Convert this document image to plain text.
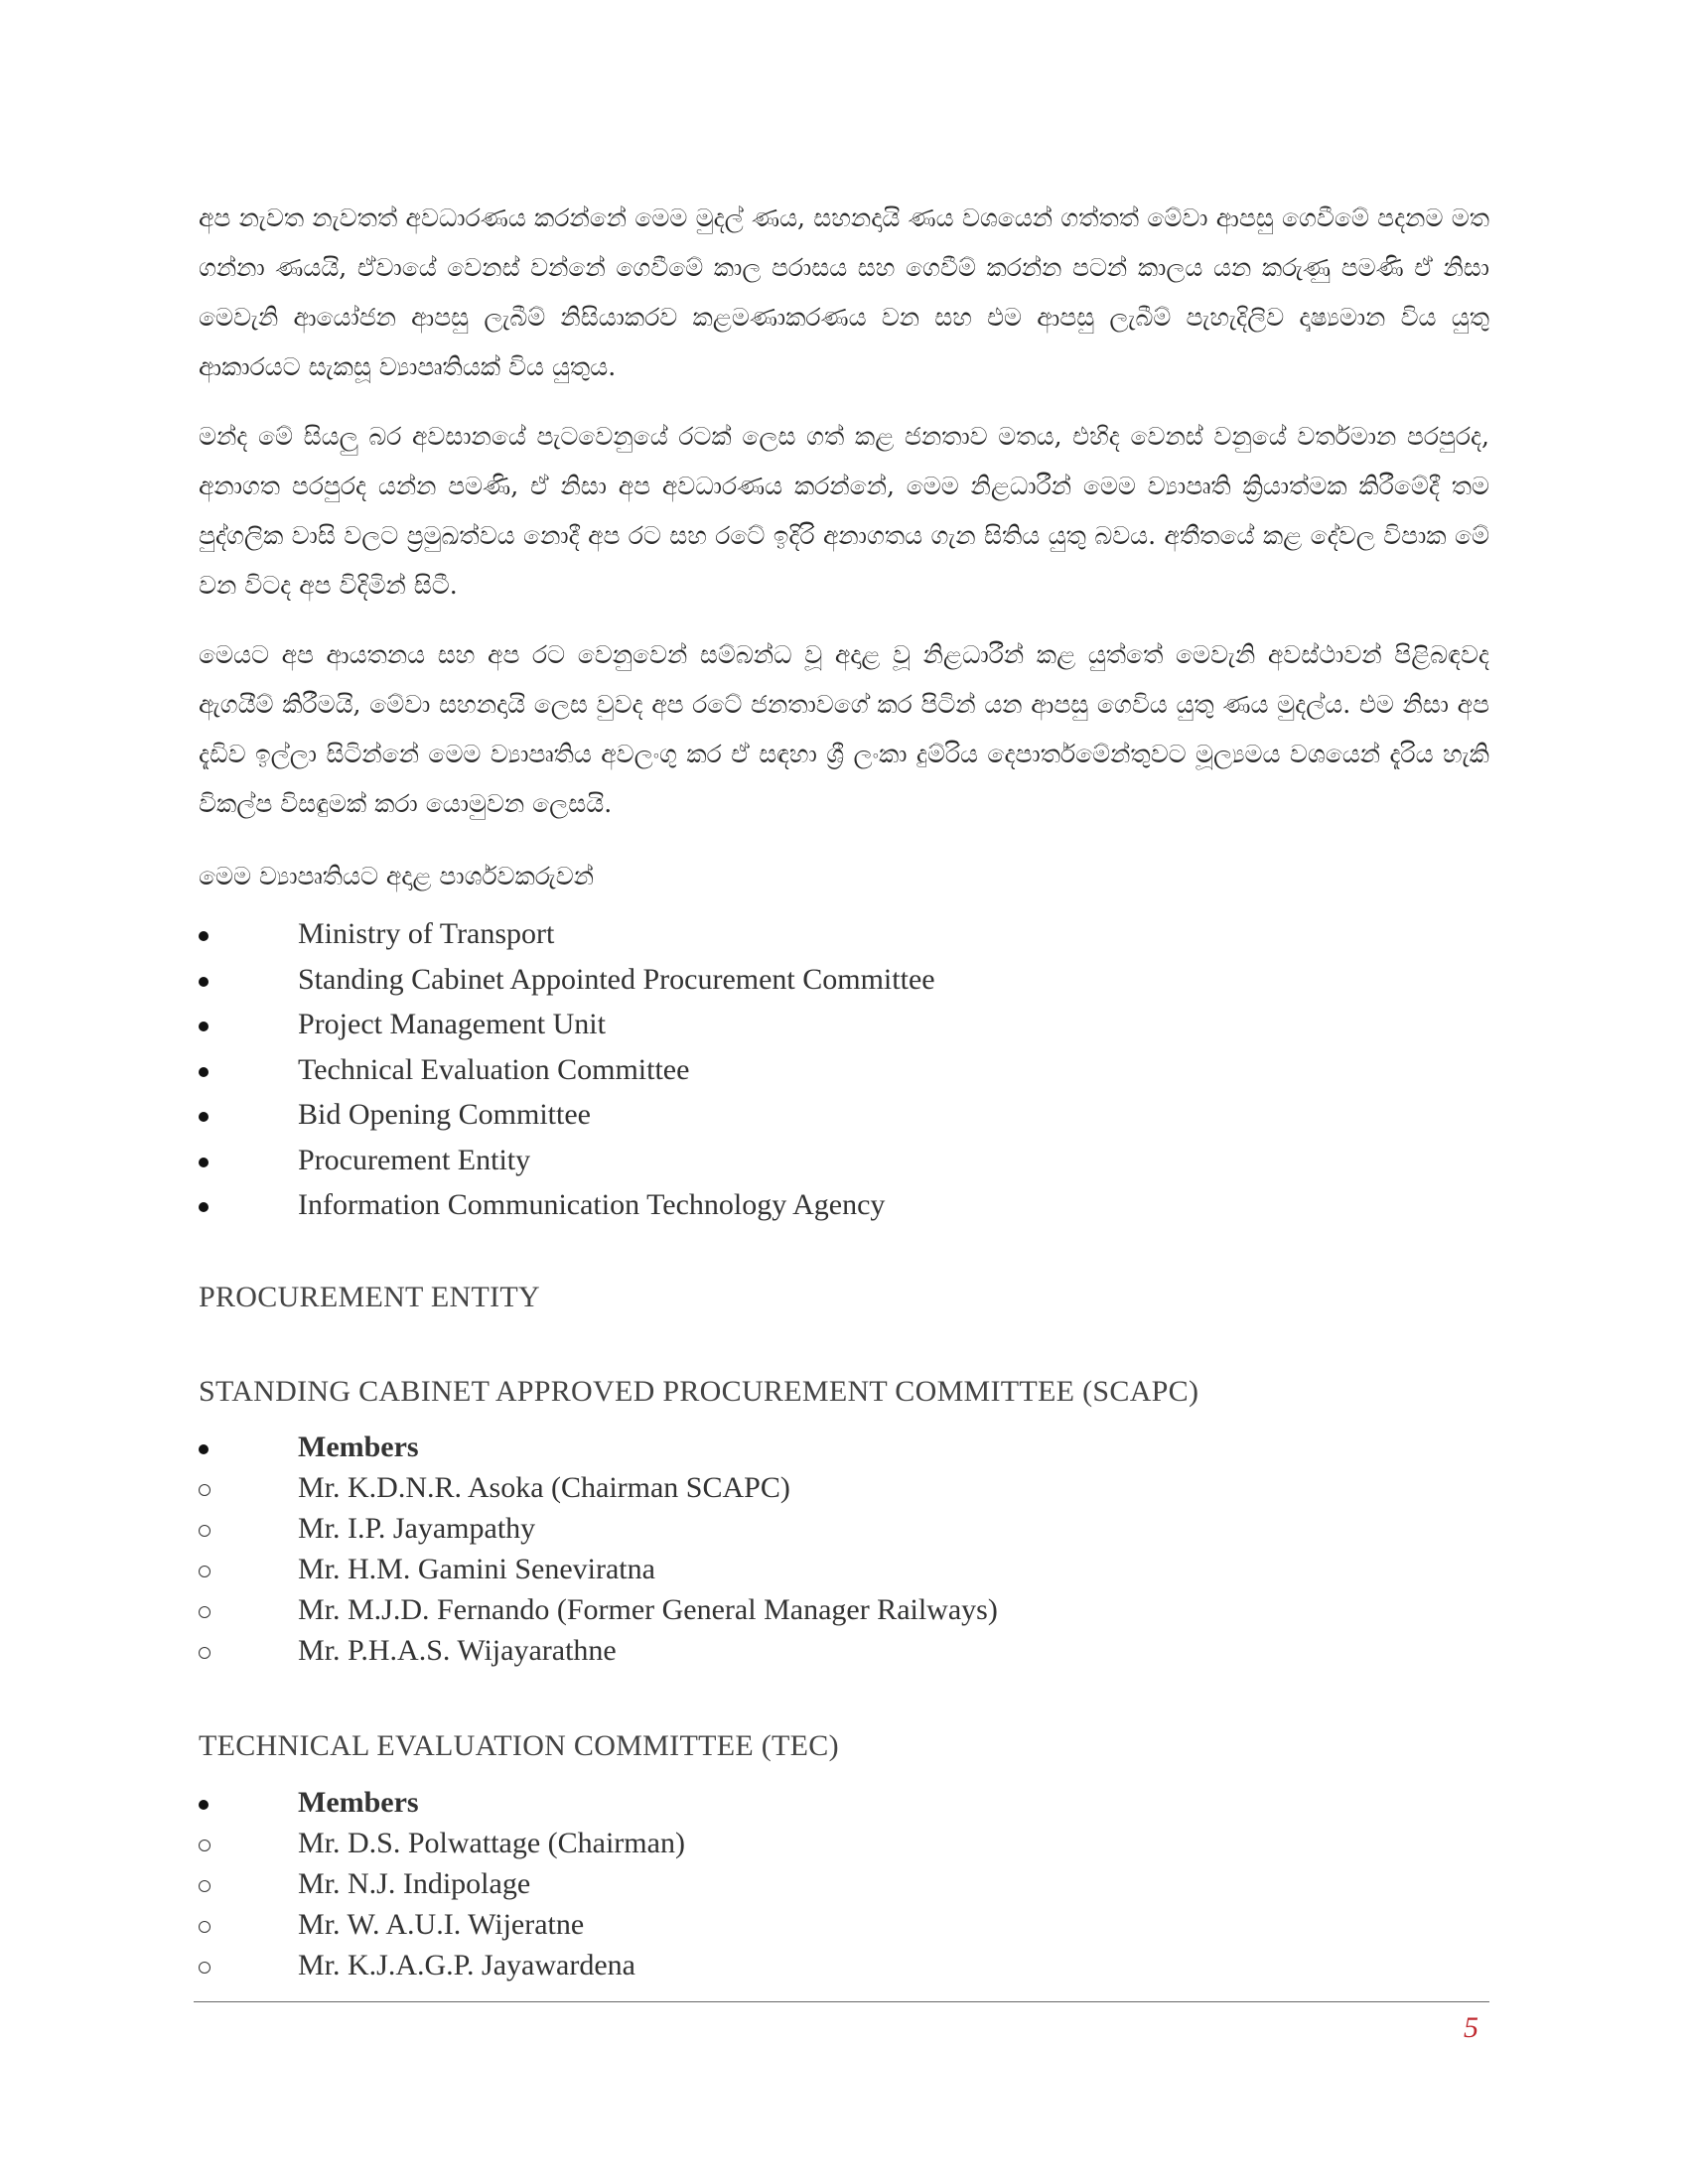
අප නැවත නැවතත් අවධාරණය කරන්නේ මෙම මුදල් ණය, සහනදායි ණය වශයෙන් ගත්තත් මේවා ආපසු ගෙවීමේ පදනම මත ගන්නා ණයයි, ඒවායේ වෙනස් වන්නේ ගෙවීමේ කාල පරාසය සහ ගෙවීම් කරන්න පටන් කාලය යන කරුණු පමණි ඒ නිසා මෙවැනි ආයෝජන ආපසු ලැබීම් නිසියාකරව කළමණාකරණය වන සහ එම ආපසු ලැබීම් පැහැදිලිව දෘෂ්‍යමාන විය යුතු ආකාරයට සැකසූ ව්‍යාපෘතියක් විය යුතුය.

මන්ද මේ සියලු බර අවසානයේ පැටවෙනුයේ රටක් ලෙස ගත් කළ ජනතාව මතය, එහිද වෙනස් වනුයේ වර්තමාන පරපුරද, අනාගත පරපුරද යන්න පමණි, ඒ නිසා අප අවධාරණය කරන්නේ, මෙම නිළධාරීන් මෙම ව්‍යාපෘති ක්‍රියාත්මක කිරීමේදී තම පුද්ගලික වාසි වලට ප්‍රමුඛත්වය නොදී අප රට සහ රටේ ඉදිරි අනාගතය ගැන සිතිය යුතු බවය. අතීතයේ කළ දේවල විපාක මේ වන විටද අප විදිමින් සිටී.

මෙයට අප ආයතනය සහ අප රට වෙනුවෙන් සම්බන්ධ වූ අදාළ වූ නිළධාරීන් කළ යුත්තේ මෙවැනි අවස්ථාවන් පිළිබඳවද ඇගයීම් කිරීමයි, මේවා සහනදායි ලෙස වුවද අප රටේ ජනතාවගේ කර පිටින් යන ආපසු ගෙවිය යුතු ණය මුදල්ය. එම නිසා අප දැඩිව ඉල්ලා සිටින්නේ මෙම ව්‍යාපෘතිය අවලංගු කර ඒ සඳහා ශ්‍රී ලංකා දුම්රිය දෙපාර්තමේන්තුවට මූල්‍යමය වශයෙන් දැරිය හැකි විකල්ප විසඳුමක් කරා යොමුවන ලෙසයි.

මෙම ව්‍යාපෘතියට අදාළ පාර්ශවකරුවන්

Ministry of Transport
Standing Cabinet Appointed Procurement Committee
Project Management Unit
Technical Evaluation Committee
Bid Opening Committee
Procurement Entity
Information Communication Technology Agency
PROCUREMENT ENTITY
STANDING CABINET APPROVED PROCUREMENT COMMITTEE (SCAPC)
Members
Mr. K.D.N.R. Asoka (Chairman SCAPC)
Mr. I.P. Jayampathy
Mr. H.M. Gamini Seneviratna
Mr. M.J.D. Fernando (Former General Manager Railways)
Mr. P.H.A.S. Wijayarathne
TECHNICAL EVALUATION COMMITTEE (TEC)
Members
Mr. D.S. Polwattage (Chairman)
Mr. N.J. Indipolage
Mr. W. A.U.I. Wijeratne
Mr. K.J.A.G.P. Jayawardena
5
